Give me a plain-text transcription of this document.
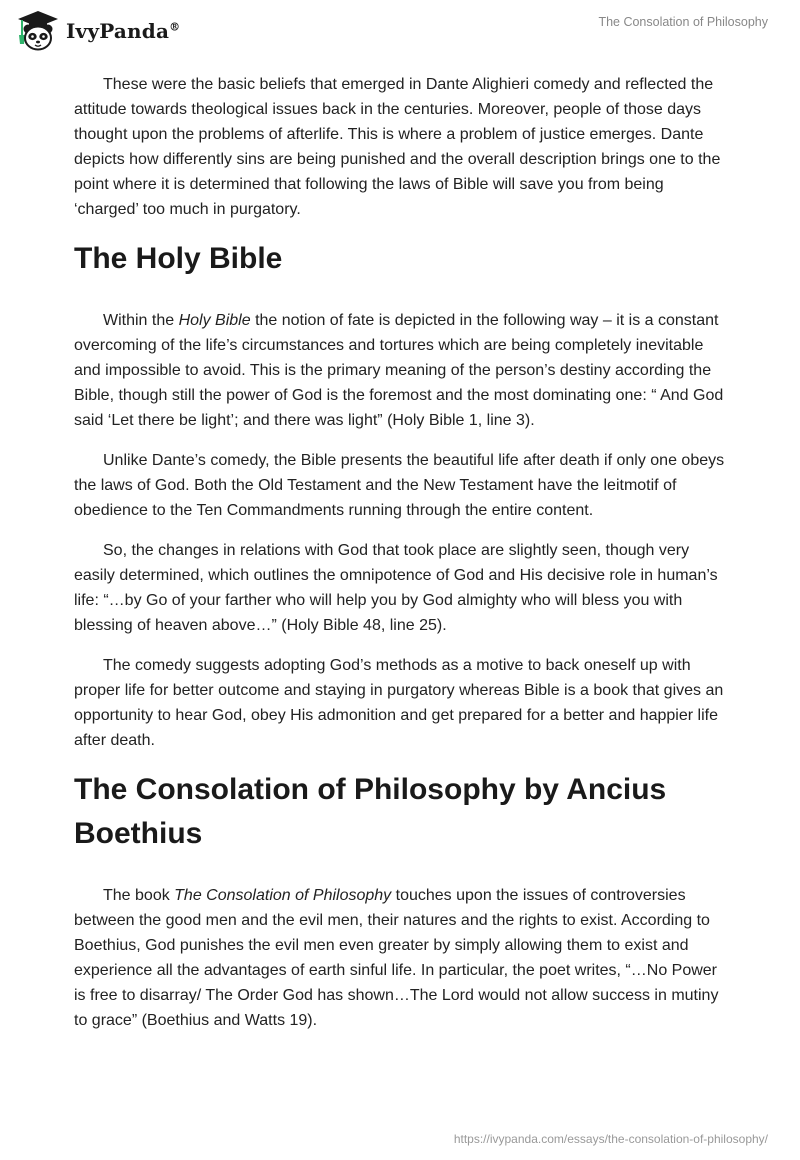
IvyPanda®	The Consolation of Philosophy

These were the basic beliefs that emerged in Dante Alighieri comedy and reflected the attitude towards theological issues back in the centuries. Moreover, people of those days thought upon the problems of afterlife. This is where a problem of justice emerges. Dante depicts how differently sins are being punished and the overall description brings one to the point where it is determined that following the laws of Bible will save you from being ‘charged’ too much in purgatory.

The Holy Bible

Within the Holy Bible the notion of fate is depicted in the following way – it is a constant overcoming of the life’s circumstances and tortures which are being completely inevitable and impossible to avoid. This is the primary meaning of the person’s destiny according the Bible, though still the power of God is the foremost and the most dominating one: “ And God said ‘Let there be light’; and there was light” (Holy Bible 1, line 3).

Unlike Dante’s comedy, the Bible presents the beautiful life after death if only one obeys the laws of God. Both the Old Testament and the New Testament have the leitmotif of obedience to the Ten Commandments running through the entire content.

So, the changes in relations with God that took place are slightly seen, though very easily determined, which outlines the omnipotence of God and His decisive role in human’s life: “…by Go of your farther who will help you by God almighty who will bless you with blessing of heaven above…” (Holy Bible 48, line 25).

The comedy suggests adopting God’s methods as a motive to back oneself up with proper life for better outcome and staying in purgatory whereas Bible is a book that gives an opportunity to hear God, obey His admonition and get prepared for a better and happier life after death.

The Consolation of Philosophy by Ancius Boethius

The book The Consolation of Philosophy touches upon the issues of controversies between the good men and the evil men, their natures and the rights to exist. According to Boethius, God punishes the evil men even greater by simply allowing them to exist and experience all the advantages of earth sinful life. In particular, the poet writes, “…No Power is free to disarray/ The Order God has shown…The Lord would not allow success in mutiny to grace” (Boethius and Watts 19).

https://ivypanda.com/essays/the-consolation-of-philosophy/
